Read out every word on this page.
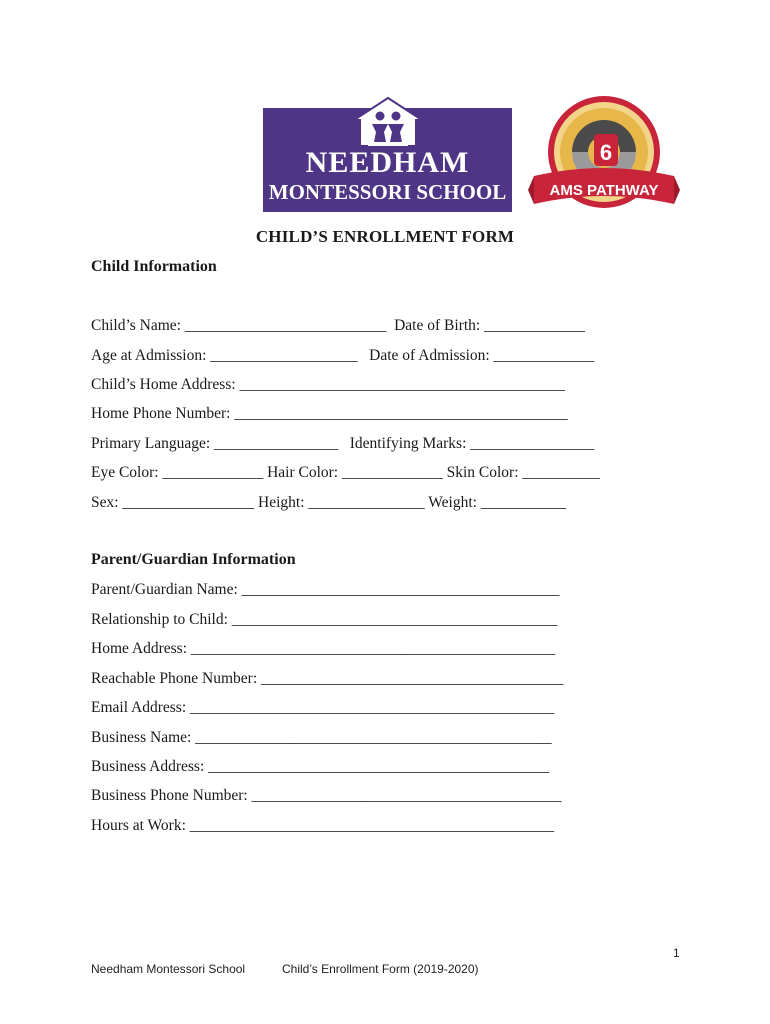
NEEDHAM
MONTESSORI SCHOOL
6
AMS PATHWAY
CHILD’S ENROLLMENT FORM
Child Information
Child’s Name: __________________________  Date of Birth: _____________
Age at Admission: ___________________   Date of Admission: _____________
Child’s Home Address: __________________________________________
Home Phone Number: ___________________________________________
Primary Language: ________________   Identifying Marks: ________________
Eye Color: _____________ Hair Color: _____________ Skin Color: __________
Sex: _________________ Height: _______________ Weight: ___________
Parent/Guardian Information
Parent/Guardian Name: _________________________________________
Relationship to Child: __________________________________________
Home Address: _______________________________________________
Reachable Phone Number: _______________________________________
Email Address: _______________________________________________
Business Name: ______________________________________________
Business Address: ____________________________________________
Business Phone Number: ________________________________________
Hours at Work: _______________________________________________
1
Needham Montessori School	Child’s Enrollment Form (2019-2020)
